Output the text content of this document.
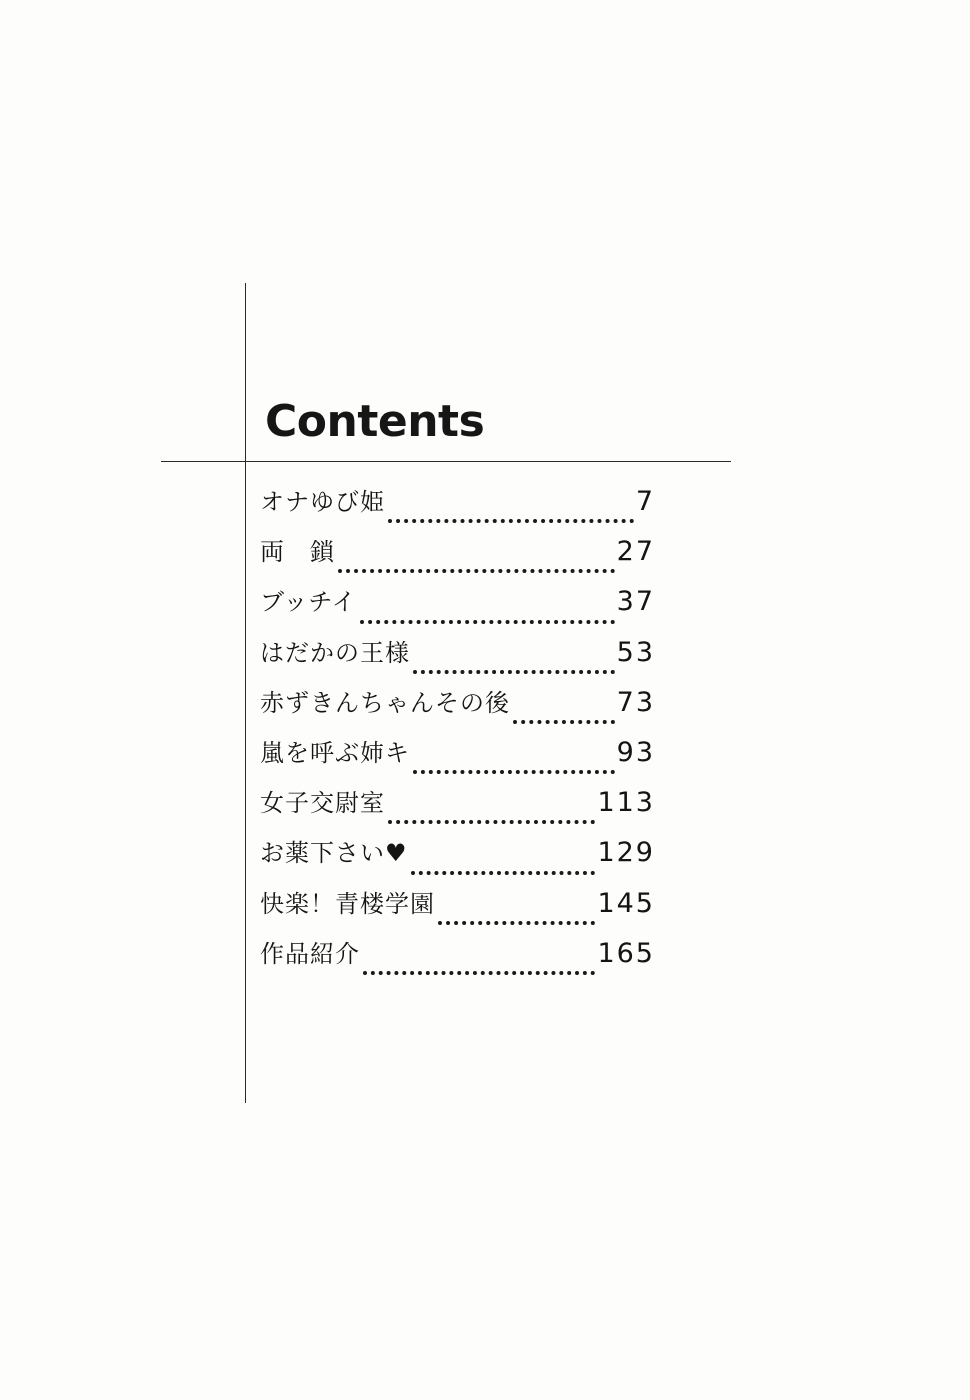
Contents
オナゆび姫	7
両　鎖	27
ブッチイ	37
はだかの王様	53
赤ずきんちゃんその後	73
嵐を呼ぶ姉キ	93
女子交尉室	113
お薬下さい♥	129
快楽！青楼学園	145
作品紹介	165
